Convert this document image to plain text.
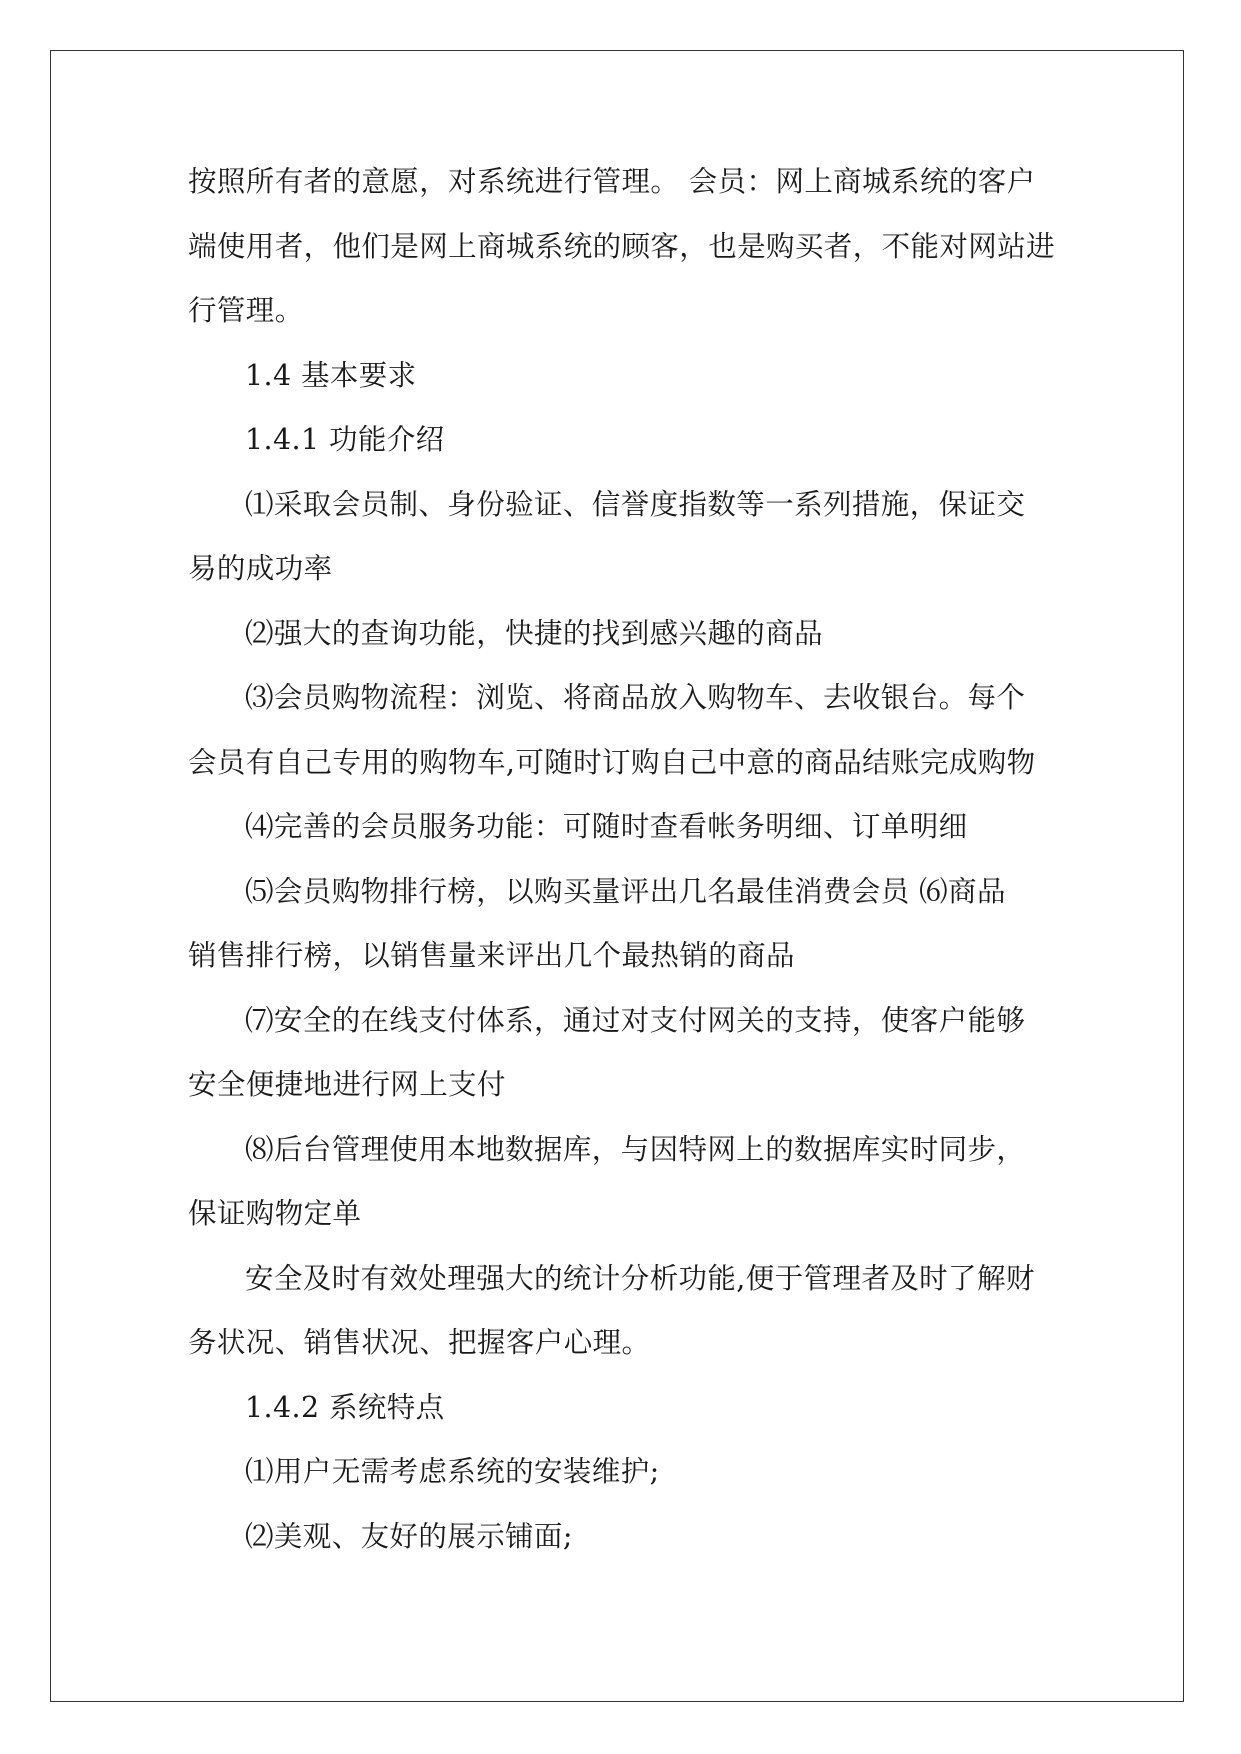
按照所有者的意愿，对系统进行管理。 会员：网上商城系统的客户
端使用者，他们是网上商城系统的顾客，也是购买者，不能对网站进
行管理。

1.4 基本要求

1.4.1 功能介绍

⑴采取会员制、身份验证、信誉度指数等一系列措施，保证交
易的成功率

⑵强大的查询功能，快捷的找到感兴趣的商品

⑶会员购物流程：浏览、将商品放入购物车、去收银台。每个
会员有自己专用的购物车,可随时订购自己中意的商品结账完成购物

⑷完善的会员服务功能：可随时查看帐务明细、订单明细

⑸会员购物排行榜，以购买量评出几名最佳消费会员 ⑹商品
销售排行榜，以销售量来评出几个最热销的商品

⑺安全的在线支付体系，通过对支付网关的支持，使客户能够
安全便捷地进行网上支付

⑻后台管理使用本地数据库，与因特网上的数据库实时同步，
保证购物定单

安全及时有效处理强大的统计分析功能,便于管理者及时了解财
务状况、销售状况、把握客户心理。

1.4.2 系统特点

⑴用户无需考虑系统的安装维护;

⑵美观、友好的展示铺面;
